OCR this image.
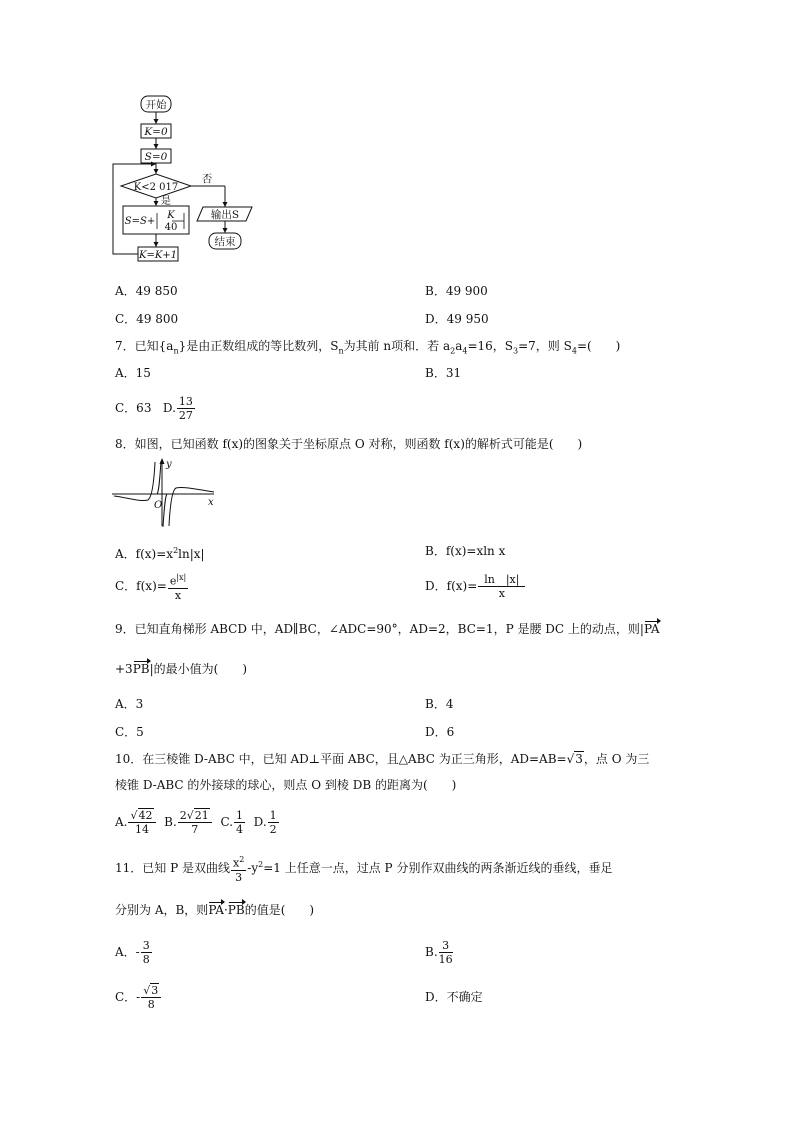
开始
K=0
S=0
K<2 017
否
是
S=S+
K
40
输出S
结束
K=K+1
A．49 850	B．49 900
C．49 800	D．49 950
7．已知$\{a_n\}$是由正数组成的等比数列，$S_n$为其前 n项和．若 $a_2a_4=16$，$S_3=7$，则 $S_4=$(　　)
A．15	B．31
C．63 D. $\frac{13}{27}$
8．如图，已知函数 f(x)的图象关于坐标原点 O 对称，则函数 f(x)的解析式可能是(　　)
y
x
O
A．$f(x)=x^2\ln|x|$	B．f(x)=xln x
C．$f(x)= \frac{e^{|x|}}{x}$	D．$f(x)= \frac{\ln |x|}{x}$
9．已知直角梯形 ABCD 中，AD∥BC，∠ADC=90°，AD=2，BC=1，P 是腰 DC 上的动点，则|PA
+3PB|的最小值为(　　)
A．3	B．4
C．5	D．6
10．在三棱锥 D-ABC 中，已知 AD⊥平面 ABC，且△ABC 为正三角形，AD=AB=√3，点 O 为三
棱锥 D-ABC 的外接球的球心，则点 O 到棱 DB 的距离为(　　)
A. $\frac{√42}{14} B$. $\frac{2√21}{7} C$. $\frac{1}{4} D$. $\frac{1}{2}$
11．已知 P 是双曲线 $\frac{x^2}{3} -y^2=1$ 上任意一点，过点 P 分别作双曲线的两条渐近线的垂线，垂足
分别为 A，B，则PA·PB的值是(　　)
A．- $\frac{3}{8}$	B. $\frac{3}{16}$
C．- $\frac{√3}{8}$	D．不确定
